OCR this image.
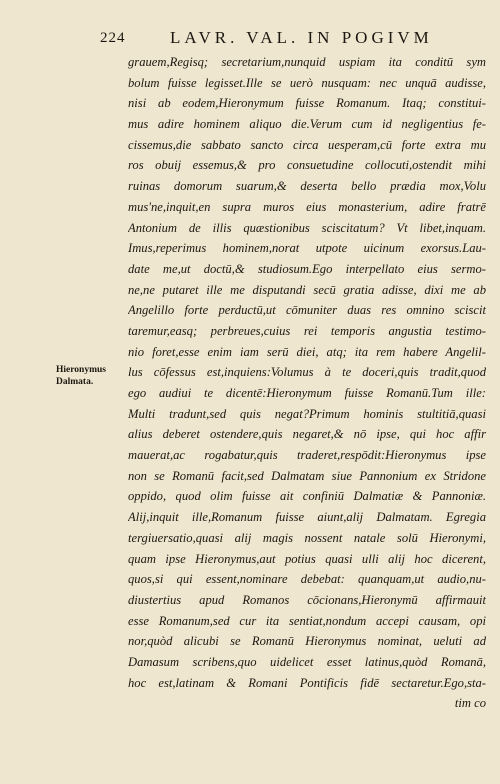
224	LAVR. VAL. IN POGIVM
Hieronymus
Dalmata.
grauem,Regisq; secretarium,nunquid uspiam ita conditū sym
bolum fuisse legisset.Ille se uerò nusquam: nec unquā audisse,
nisi ab eodem,Hieronymum fuisse Romanum. Itaq; constitui-
mus adire hominem aliquo die.Verum cum id negligentius fe-
cissemus,die sabbato sancto circa uesperam,cū forte extra mu
ros obuij essemus,& pro consuetudine collocuti,ostendit mihi
ruinas domorum suarum,& deserta bello prædia mox,Volu
mus'ne,inquit,en supra muros eius monasterium, adire fratrē
Antonium de illis quæstionibus sciscitatum? Vt libet,inquam.
Imus,reperimus hominem,norat utpote uicinum exorsus.Lau-
date me,ut doctū,& studiosum.Ego interpellato eius sermo-
ne,ne putaret ille me disputandi secū gratia adisse, dixi me ab
Angelillo forte perductū,ut cōmuniter duas res omnino sciscit
taremur,easq; perbreues,cuius rei temporis angustia testimo-
nio foret,esse enim iam serū diei, atq; ita rem habere Angelil-
lus cōfessus est,inquiens:Volumus à te doceri,quis tradit,quod
ego audiui te dicentē:Hieronymum fuisse Romanū.Tum ille:
Multi tradunt,sed quis negat?Primum hominis stultitiā,quasi
alius deberet ostendere,quis negaret,& nō ipse, qui hoc affir
mauerat,ac rogabatur,quis traderet,respōdit:Hieronymus ipse
non se Romanū facit,sed Dalmatam siue Pannonium ex Stridone
oppido, quod olim fuisse ait confiniū Dalmatiæ & Pannoniæ.
Alij,inquit ille,Romanum fuisse aiunt,alij Dalmatam. Egregia
tergiuersatio,quasi alij magis nossent natale solū Hieronymi,
quam ipse Hieronymus,aut potius quasi ulli alij hoc dicerent,
quos,si qui essent,nominare debebat: quanquam,ut audio,nu-
diustertius apud Romanos cōcionans,Hieronymū affirmauit
esse Romanum,sed cur ita sentiat,nondum accepi causam, opi
nor,quòd alicubi se Romanū Hieronymus nominat, ueluti ad
Damasum scribens,quo uidelicet esset latinus,quòd Romanā,
hoc est,latinam & Romani Pontificis fidē sectaretur.Ego,sta-
tim co
